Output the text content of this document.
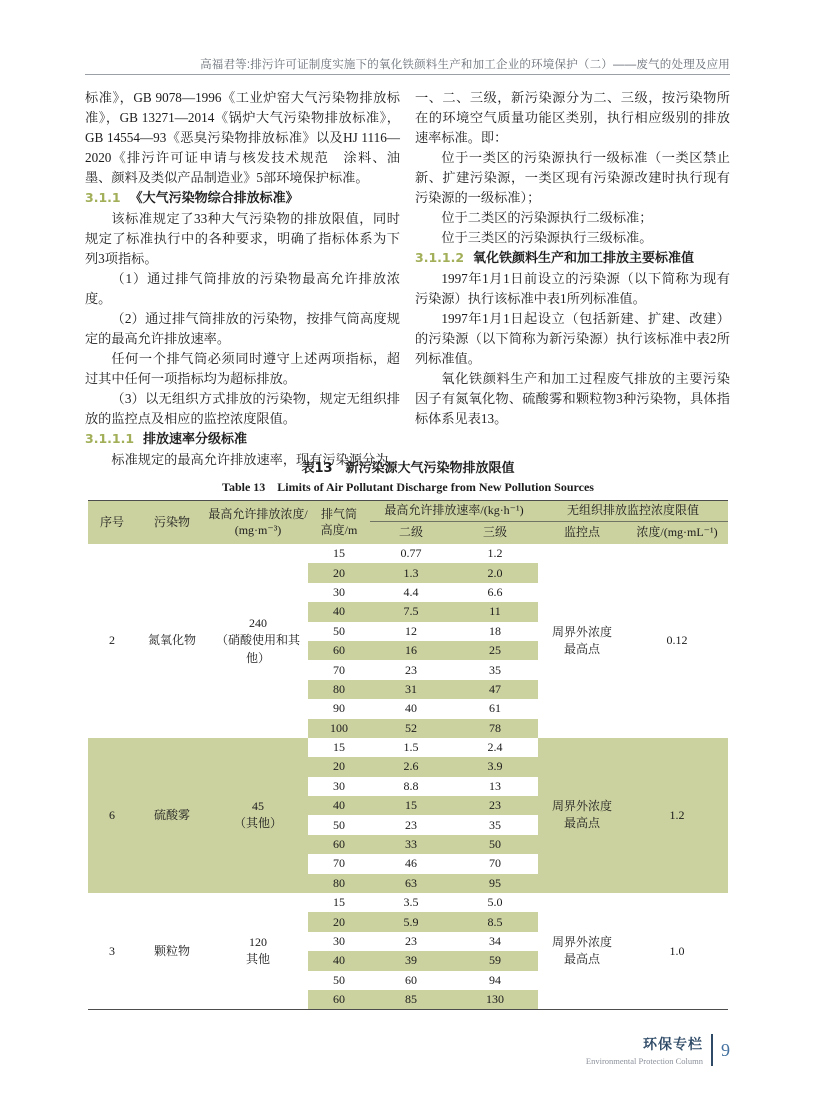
高福君等:排污许可证制度实施下的氧化铁颜料生产和加工企业的环境保护（二）——废气的处理及应用

标准》，GB 9078—1996《工业炉窑大气污染物排放标准》，GB 13271—2014《锅炉大气污染物排放标准》，GB 14554—93《恶臭污染物排放标准》以及HJ 1116—2020《排污许可证申请与核发技术规范　涂料、油墨、颜料及类似产品制造业》5部环境保护标准。

3.1.1 《大气污染物综合排放标准》

该标准规定了33种大气污染物的排放限值，同时规定了标准执行中的各种要求，明确了指标体系为下列3项指标。

（1）通过排气筒排放的污染物最高允许排放浓度。

（2）通过排气筒排放的污染物，按排气筒高度规定的最高允许排放速率。

任何一个排气筒必须同时遵守上述两项指标，超过其中任何一项指标均为超标排放。

（3）以无组织方式排放的污染物，规定无组织排放的监控点及相应的监控浓度限值。

3.1.1.1 排放速率分级标准

标准规定的最高允许排放速率，现有污染源分为

一、二、三级，新污染源分为二、三级，按污染物所在的环境空气质量功能区类别，执行相应级别的排放速率标准。即：

位于一类区的污染源执行一级标准（一类区禁止新、扩建污染源，一类区现有污染源改建时执行现有污染源的一级标准）；

位于二类区的污染源执行二级标准；

位于三类区的污染源执行三级标准。

3.1.1.2 氧化铁颜料生产和加工排放主要标准值

1997年1月1日前设立的污染源（以下简称为现有污染源）执行该标准中表1所列标准值。

1997年1月1日起设立（包括新建、扩建、改建）的污染源（以下简称为新污染源）执行该标准中表2所列标准值。

氧化铁颜料生产和加工过程废气排放的主要污染因子有氮氧化物、硫酸雾和颗粒物3种污染物，具体指标体系见表13。

表13　新污染源大气污染物排放限值

Table 13　Limits of Air Pollutant Discharge from New Pollution Sources

序号	污染物
最高允许排放浓度/
(mg·m⁻³)
排气筒
高度/m
最高允许排放速率/(kg·h⁻¹)
二级	三级
无组织排放监控浓度限值
监控点	浓度/(mg·mL⁻¹)
2	氮氧化物
240
（硝酸使用和其他）
15	0.77	1.2
20	1.3	2.0
30	4.4	6.6
40	7.5	11
50	12	18
60	16	25
70	23	35
80	31	47
90	40	61
100	52	78
周界外浓度
最高点
0.12
6	硫酸雾
45
（其他）
15	1.5	2.4
20	2.6	3.9
30	8.8	13
40	15	23
50	23	35
60	33	50
70	46	70
80	63	95
周界外浓度
最高点
1.2
3	颗粒物
120
其他
15	3.5	5.0
20	5.9	8.5
30	23	34
40	39	59
50	60	94
60	85	130
周界外浓度
最高点
1.0
环保专栏
Environmental Protection Column
9
